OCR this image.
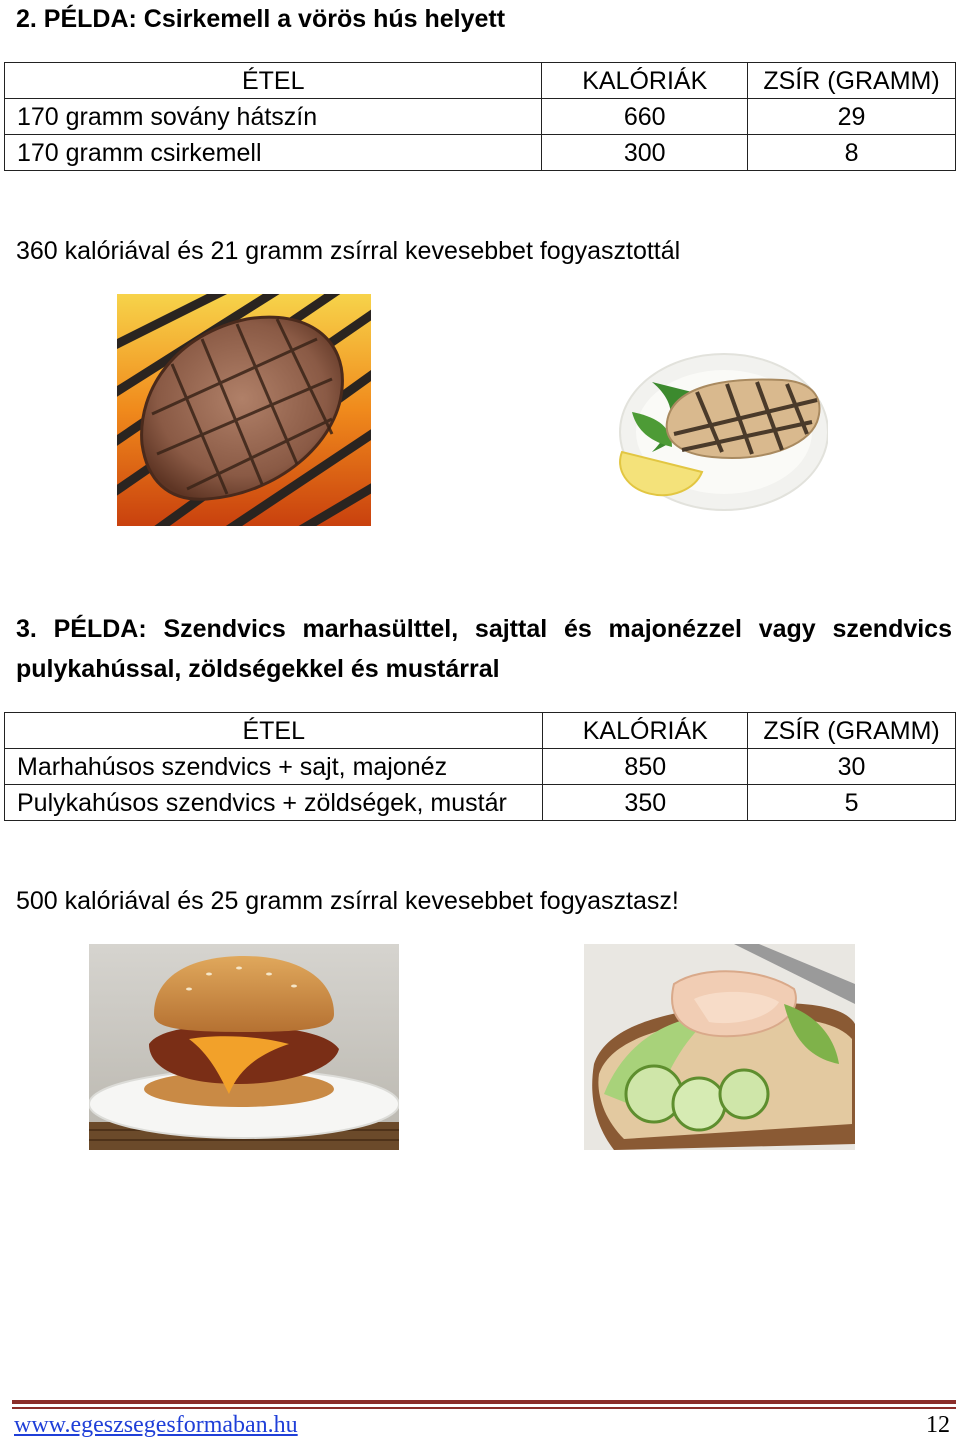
2. PÉLDA: Csirkemell a vörös hús helyett
ÉTEL	KALÓRIÁK	ZSÍR (GRAMM)
170 gramm sovány hátszín	660	29
170 gramm csirkemell	300	8
360 kalóriával és 21 gramm zsírral kevesebbet fogyasztottál
3. PÉLDA: Szendvics marhasülttel, sajttal és majonézzel vagy szendvics
pulykahússal, zöldségekkel és mustárral
ÉTEL	KALÓRIÁK	ZSÍR (GRAMM)
Marhahúsos szendvics + sajt, majonéz	850	30
Pulykahúsos szendvics + zöldségek, mustár	350	5
500 kalóriával és 25 gramm zsírral kevesebbet fogyasztasz!
www.egeszsegesformaban.hu	12
